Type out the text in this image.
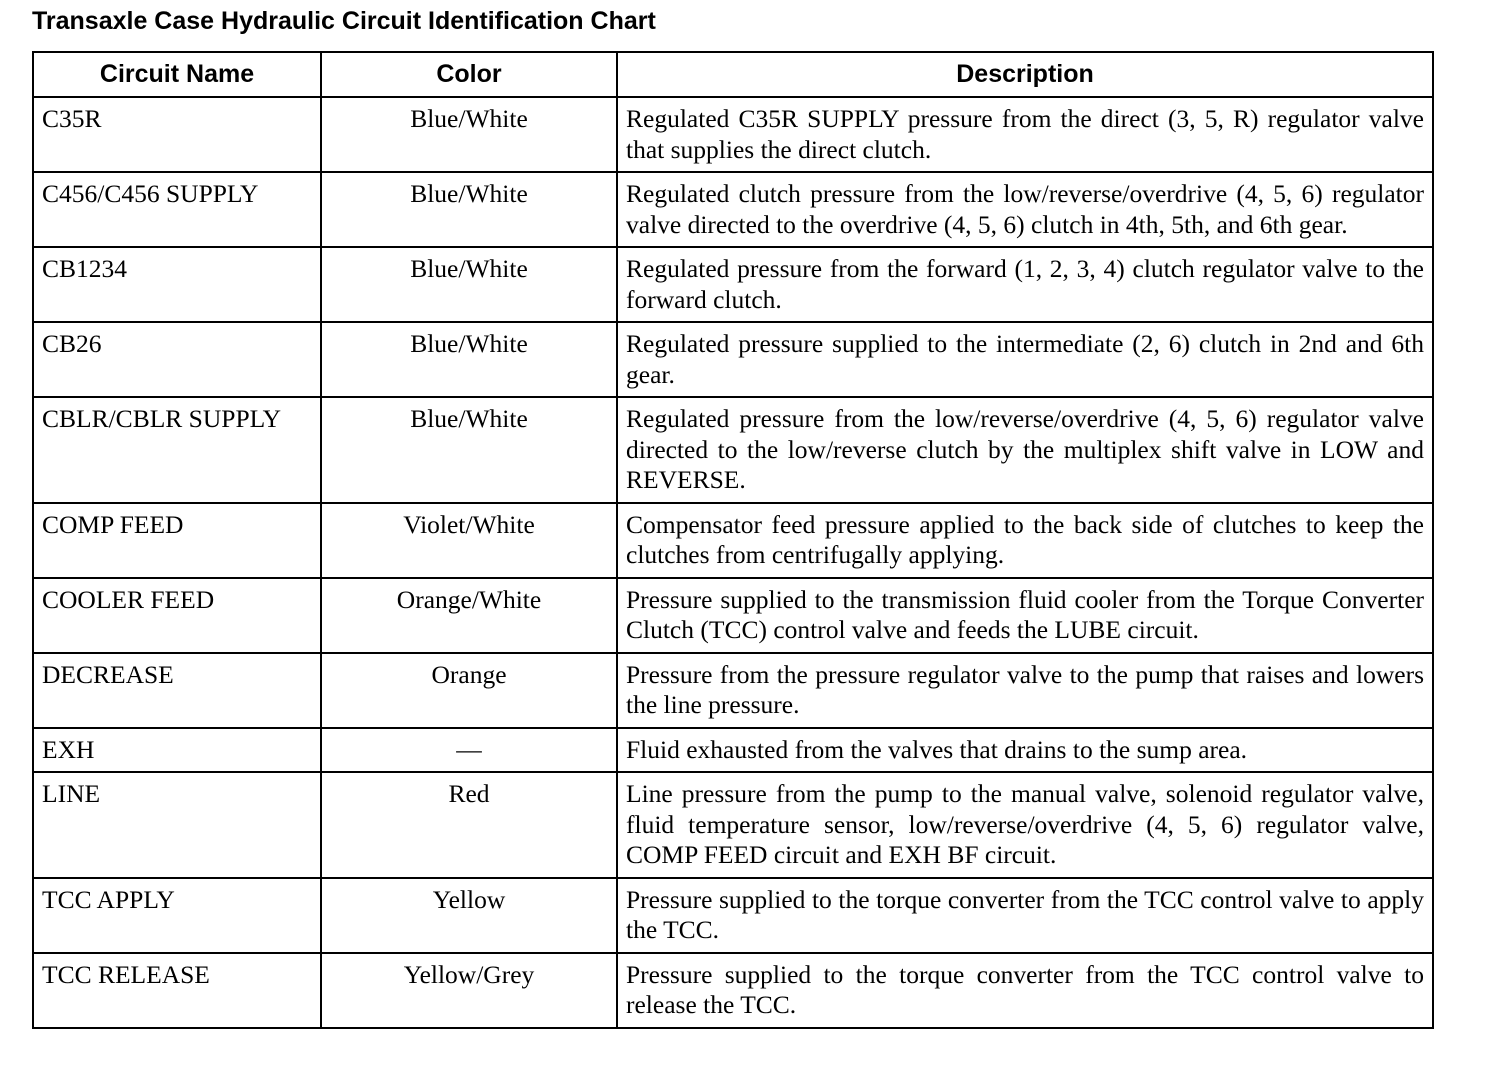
Transaxle Case Hydraulic Circuit Identification Chart
Circuit Name	Color	Description
C35R	Blue/White	Regulated C35R SUPPLY pressure from the direct (3, 5, R) regulator valve that supplies the direct clutch.
C456/C456 SUPPLY	Blue/White	Regulated clutch pressure from the low/reverse/overdrive (4, 5, 6) regulator valve directed to the overdrive (4, 5, 6) clutch in 4th, 5th, and 6th gear.
CB1234	Blue/White	Regulated pressure from the forward (1, 2, 3, 4) clutch regulator valve to the forward clutch.
CB26	Blue/White	Regulated pressure supplied to the intermediate (2, 6) clutch in 2nd and 6th gear.
CBLR/CBLR SUPPLY	Blue/White	Regulated pressure from the low/reverse/overdrive (4, 5, 6) regulator valve directed to the low/reverse clutch by the multiplex shift valve in LOW and REVERSE.
COMP FEED	Violet/White	Compensator feed pressure applied to the back side of clutches to keep the clutches from centrifugally applying.
COOLER FEED	Orange/White	Pressure supplied to the transmission fluid cooler from the Torque Converter Clutch (TCC) control valve and feeds the LUBE circuit.
DECREASE	Orange	Pressure from the pressure regulator valve to the pump that raises and lowers the line pressure.
EXH	—	Fluid exhausted from the valves that drains to the sump area.
LINE	Red	Line pressure from the pump to the manual valve, solenoid regulator valve, fluid temperature sensor, low/reverse/overdrive (4, 5, 6) regulator valve, COMP FEED circuit and EXH BF circuit.
TCC APPLY	Yellow	Pressure supplied to the torque converter from the TCC control valve to apply the TCC.
TCC RELEASE	Yellow/Grey	Pressure supplied to the torque converter from the TCC control valve to release the TCC.
